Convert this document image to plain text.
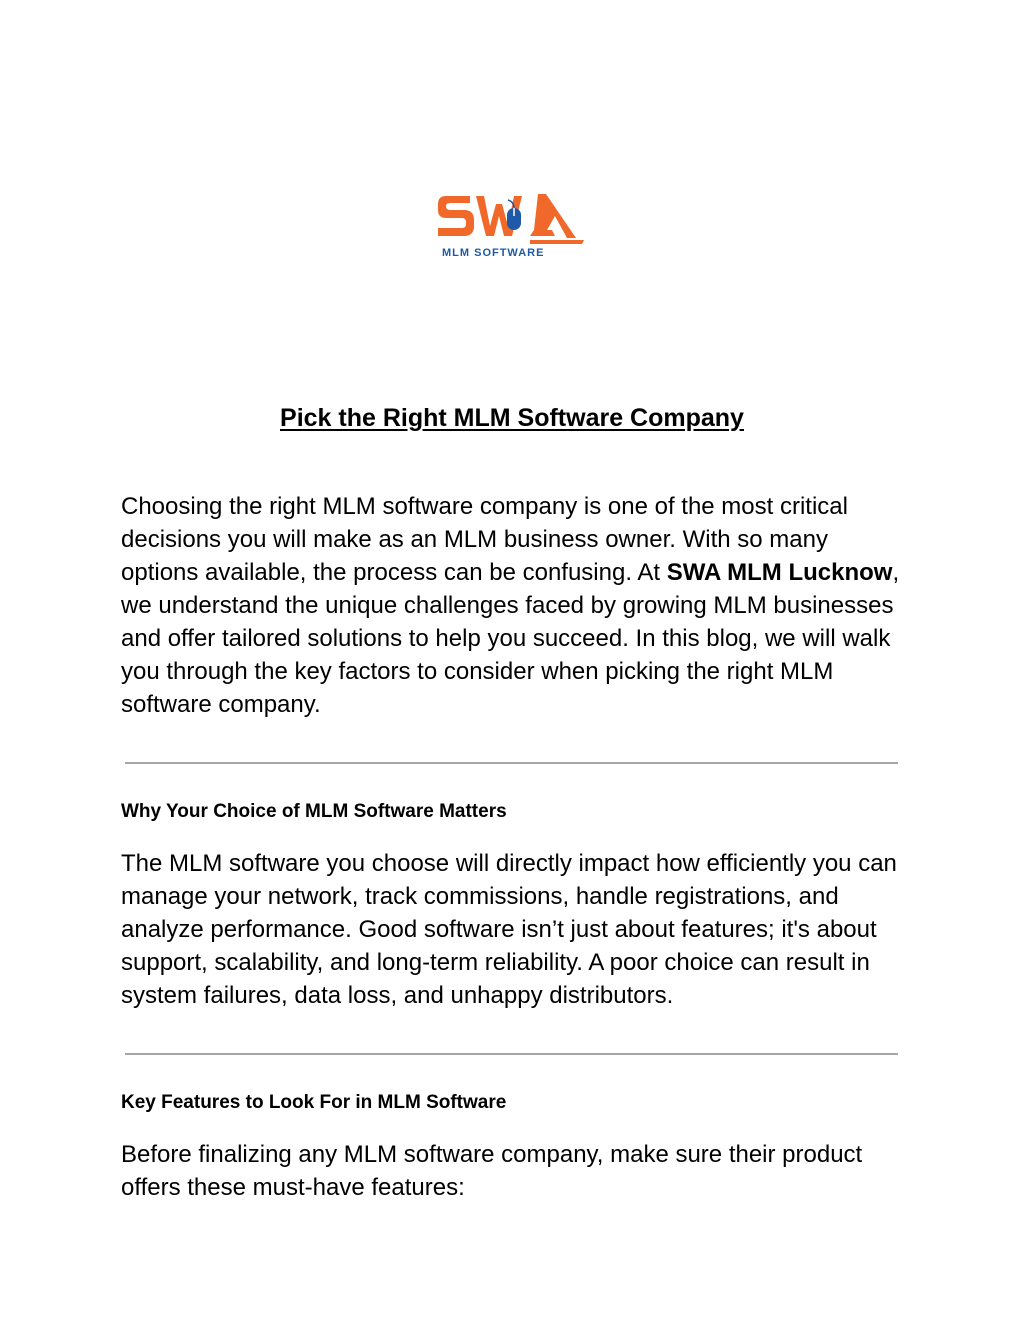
MLM SOFTWARE
Pick the Right MLM Software Company

Choosing the right MLM software company is one of the most critical decisions you will make as an MLM business owner. With so many options available, the process can be confusing. At SWA MLM Lucknow, we understand the unique challenges faced by growing MLM businesses and offer tailored solutions to help you succeed. In this blog, we will walk you through the key factors to consider when picking the right MLM software company.

Why Your Choice of MLM Software Matters

The MLM software you choose will directly impact how efficiently you can manage your network, track commissions, handle registrations, and analyze performance. Good software isn’t just about features; it's about support, scalability, and long-term reliability. A poor choice can result in system failures, data loss, and unhappy distributors.

Key Features to Look For in MLM Software

Before finalizing any MLM software company, make sure their product offers these must-have features:
